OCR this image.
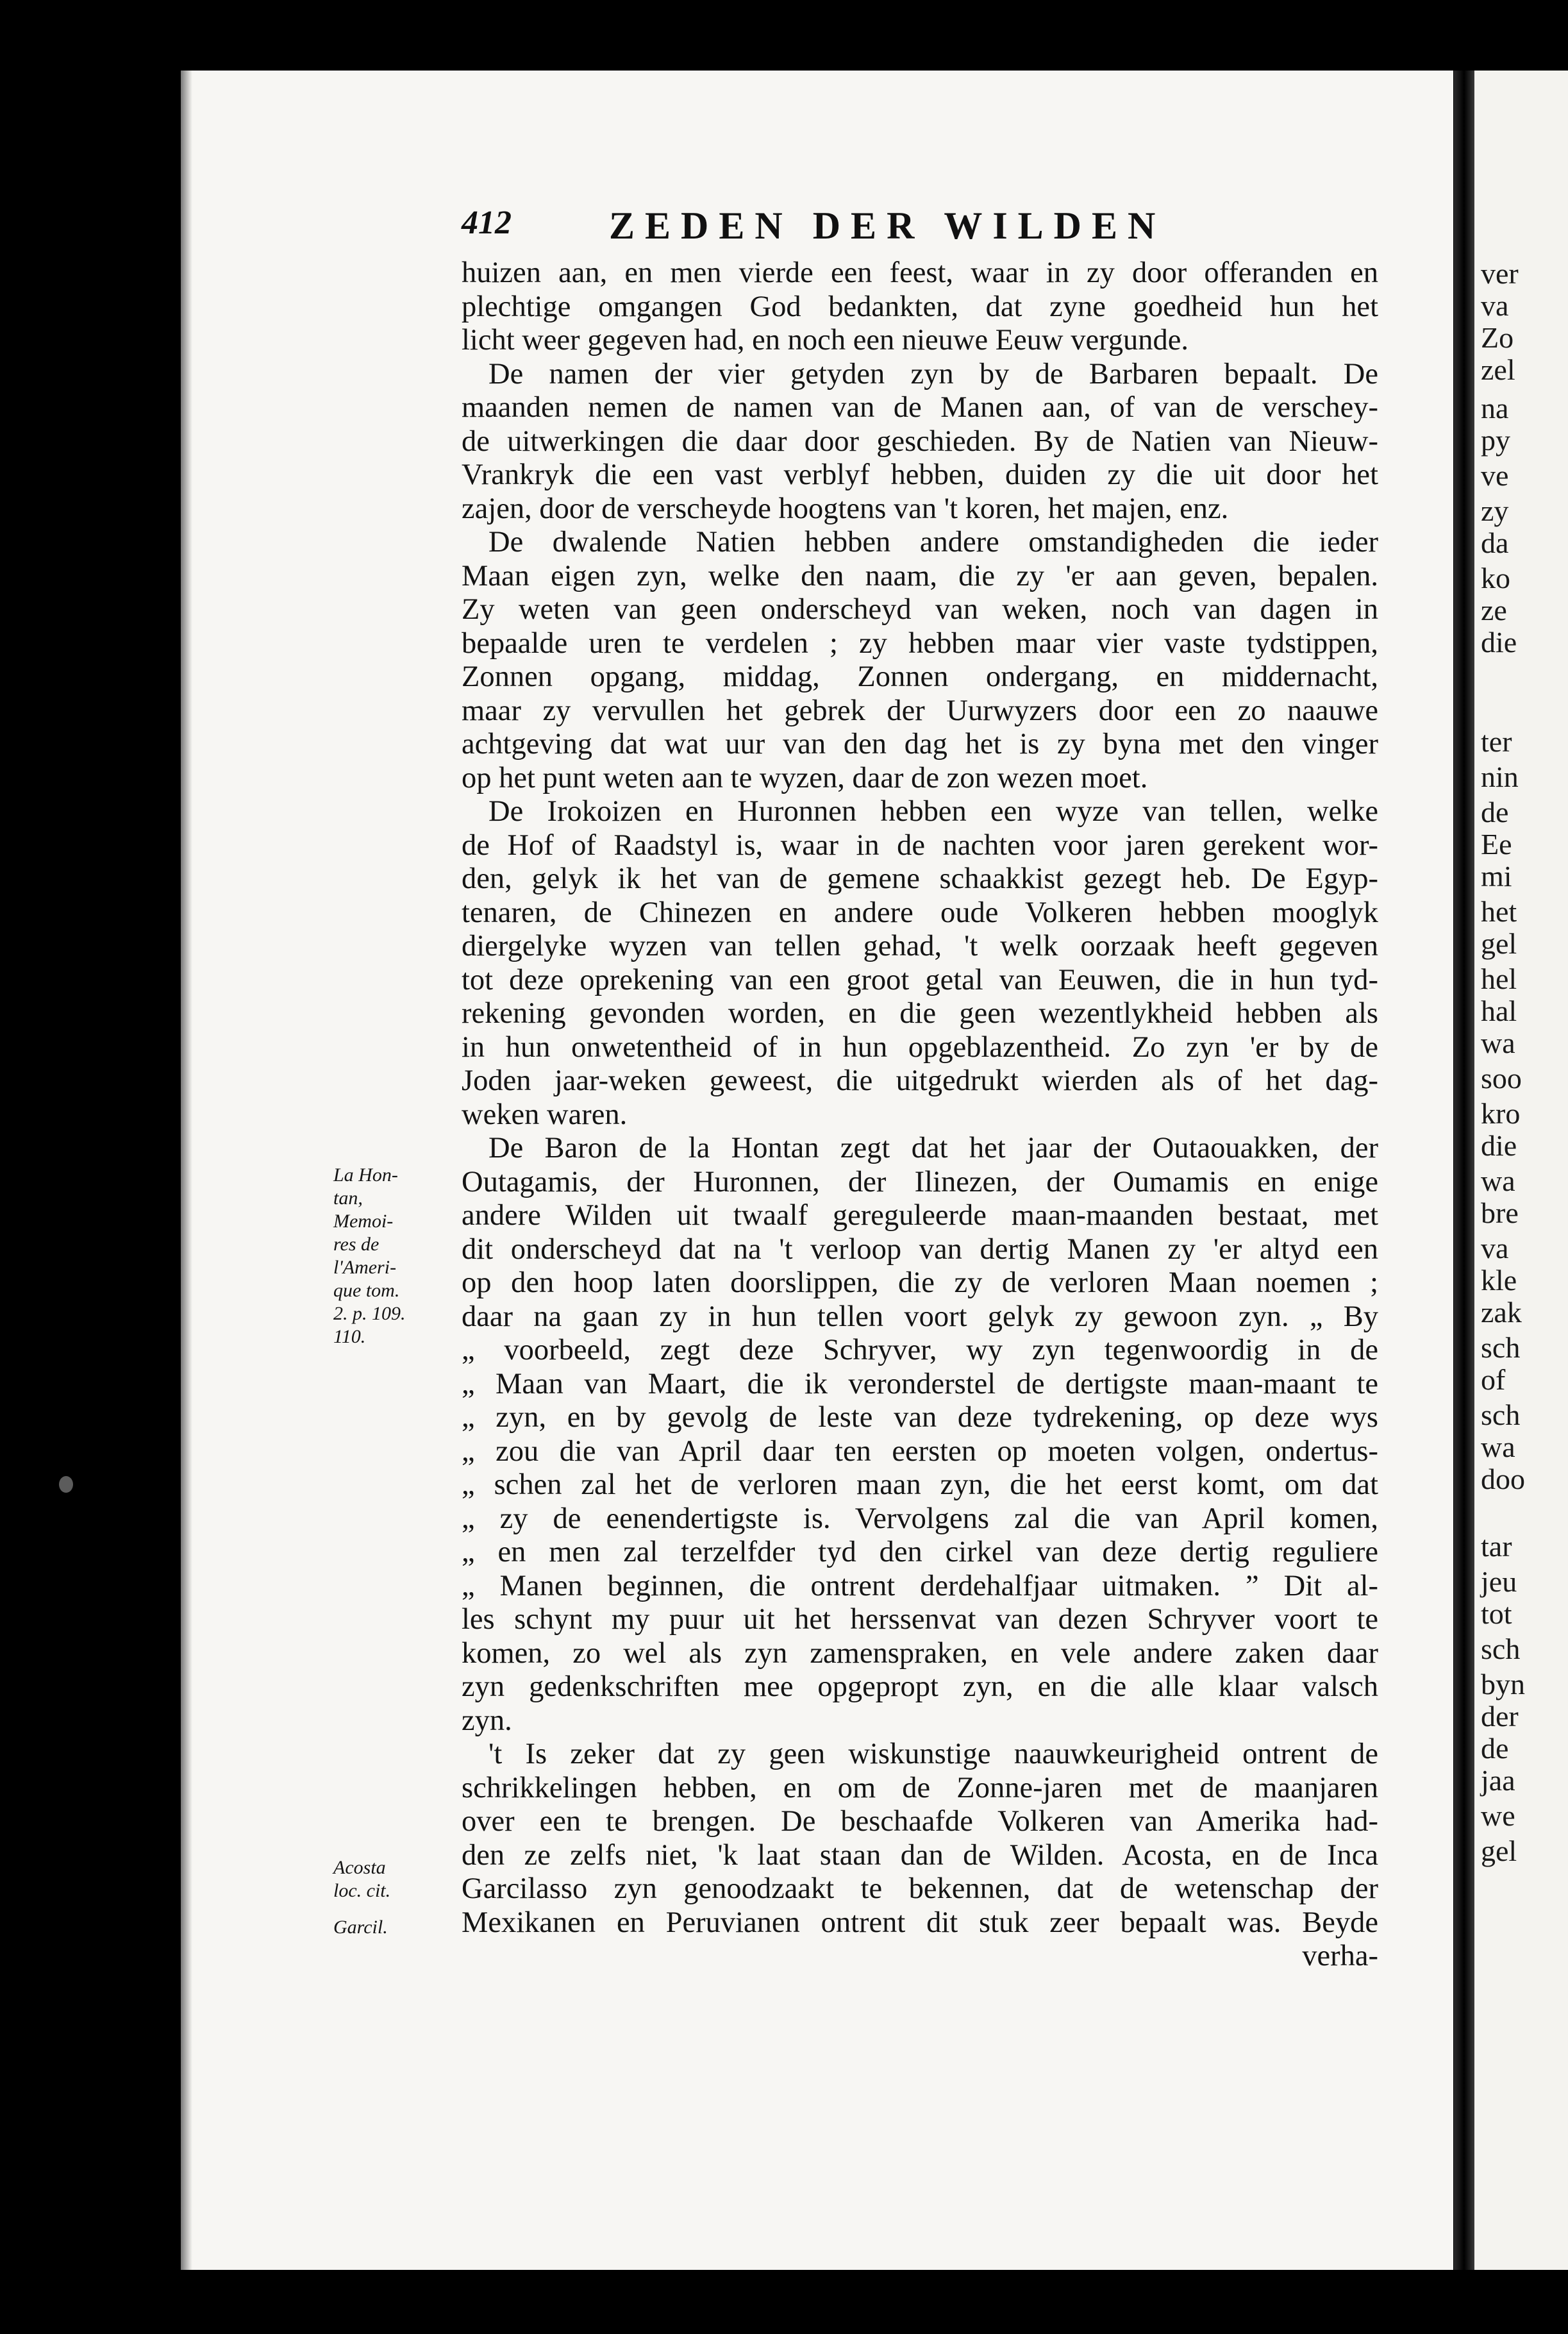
412	ZEDEN DER WILDEN
huizen aan, en men vierde een feest, waar in zy door offeranden en
plechtige omgangen God bedankten, dat zyne goedheid hun het
licht weer gegeven had, en noch een nieuwe Eeuw vergunde.
De namen der vier getyden zyn by de Barbaren bepaalt. De
maanden nemen de namen van de Manen aan, of van de verschey-
de uitwerkingen die daar door geschieden. By de Natien van Nieuw-
Vrankryk die een vast verblyf hebben, duiden zy die uit door het
zajen, door de verscheyde hoogtens van 't koren, het majen, enz.
De dwalende Natien hebben andere omstandigheden die ieder
Maan eigen zyn, welke den naam, die zy 'er aan geven, bepalen.
Zy weten van geen onderscheyd van weken, noch van dagen in
bepaalde uren te verdelen ; zy hebben maar vier vaste tydstippen,
Zonnen opgang, middag, Zonnen ondergang, en middernacht,
maar zy vervullen het gebrek der Uurwyzers door een zo naauwe
achtgeving dat wat uur van den dag het is zy byna met den vinger
op het punt weten aan te wyzen, daar de zon wezen moet.
De Irokoizen en Huronnen hebben een wyze van tellen, welke
de Hof of Raadstyl is, waar in de nachten voor jaren gerekent wor-
den, gelyk ik het van de gemene schaakkist gezegt heb. De Egyp-
tenaren, de Chinezen en andere oude Volkeren hebben mooglyk
diergelyke wyzen van tellen gehad, 't welk oorzaak heeft gegeven
tot deze oprekening van een groot getal van Eeuwen, die in hun tyd-
rekening gevonden worden, en die geen wezentlykheid hebben als
in hun onwetentheid of in hun opgeblazentheid. Zo zyn 'er by de
Joden jaar-weken geweest, die uitgedrukt wierden als of het dag-
weken waren.
De Baron de la Hontan zegt dat het jaar der Outaouakken, der
Outagamis, der Huronnen, der Ilinezen, der Oumamis en enige
andere Wilden uit twaalf gereguleerde maan-maanden bestaat, met
dit onderscheyd dat na 't verloop van dertig Manen zy 'er altyd een
op den hoop laten doorslippen, die zy de verloren Maan noemen ;
daar na gaan zy in hun tellen voort gelyk zy gewoon zyn. „ By
„ voorbeeld, zegt deze Schryver, wy zyn tegenwoordig in de
„ Maan van Maart, die ik veronderstel de dertigste maan-maant te
„ zyn, en by gevolg de leste van deze tydrekening, op deze wys
„ zou die van April daar ten eersten op moeten volgen, ondertus-
„ schen zal het de verloren maan zyn, die het eerst komt, om dat
„ zy de eenendertigste is. Vervolgens zal die van April komen,
„ en men zal terzelfder tyd den cirkel van deze dertig reguliere
„ Manen beginnen, die ontrent derdehalfjaar uitmaken. ” Dit al-
les schynt my puur uit het herssenvat van dezen Schryver voort te
komen, zo wel als zyn zamenspraken, en vele andere zaken daar
zyn gedenkschriften mee opgepropt zyn, en die alle klaar valsch
zyn.
't Is zeker dat zy geen wiskunstige naauwkeurigheid ontrent de
schrikkelingen hebben, en om de Zonne-jaren met de maanjaren
over een te brengen. De beschaafde Volkeren van Amerika had-
den ze zelfs niet, 'k laat staan dan de Wilden. Acosta, en de Inca
Garcilasso zyn genoodzaakt te bekennen, dat de wetenschap der
Mexikanen en Peruvianen ontrent dit stuk zeer bepaalt was. Beyde
verha-
La Hon-
tan,
Memoi-
res de
l'Ameri-
que tom.
2. p. 109.
110.
Acosta
loc. cit.
Garcil.
ver
va
Zo
zel
na
py
ve
zy
da
ko
ze
die
ter
nin
de
Ee
mi
het
gel
hel
hal
wa
soo
kro
die
wa
bre
va
kle
zak
sch
of
sch
wa
doo
tar
jeu
tot
sch
byn
der
de
jaa
we
gel
